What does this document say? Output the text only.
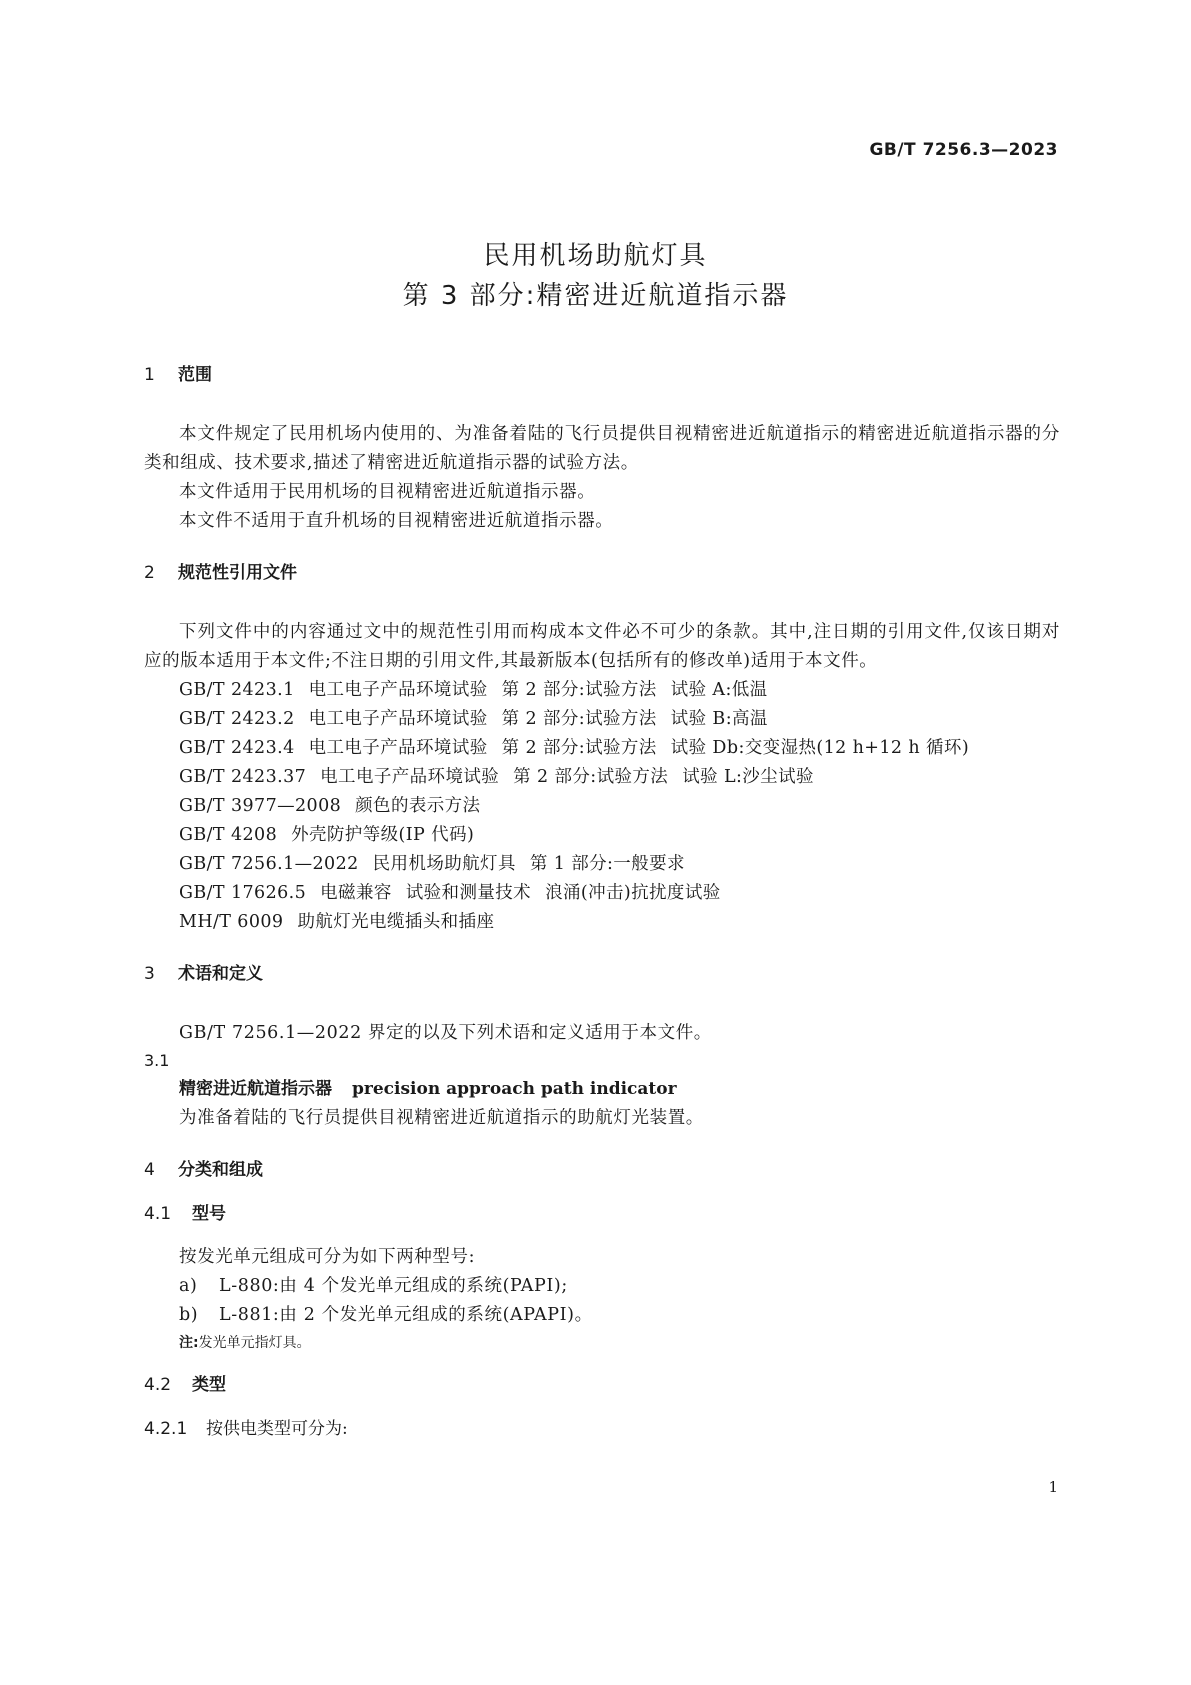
GB/T 7256.3—2023
民用机场助航灯具
第 3 部分:精密进近航道指示器
1 范围
本文件规定了民用机场内使用的、为准备着陆的飞行员提供目视精密进近航道指示的精密进近航道指示器的分类和组成、技术要求,描述了精密进近航道指示器的试验方法。
本文件适用于民用机场的目视精密进近航道指示器。
本文件不适用于直升机场的目视精密进近航道指示器。
2 规范性引用文件
下列文件中的内容通过文中的规范性引用而构成本文件必不可少的条款。其中,注日期的引用文件,仅该日期对应的版本适用于本文件;不注日期的引用文件,其最新版本(包括所有的修改单)适用于本文件。
GB/T 2423.1 电工电子产品环境试验 第 2 部分:试验方法 试验 A:低温
GB/T 2423.2 电工电子产品环境试验 第 2 部分:试验方法 试验 B:高温
GB/T 2423.4 电工电子产品环境试验 第 2 部分:试验方法 试验 Db:交变湿热(12 h+12 h 循环)
GB/T 2423.37 电工电子产品环境试验 第 2 部分:试验方法 试验 L:沙尘试验
GB/T 3977—2008 颜色的表示方法
GB/T 4208 外壳防护等级(IP 代码)
GB/T 7256.1—2022 民用机场助航灯具 第 1 部分:一般要求
GB/T 17626.5 电磁兼容 试验和测量技术 浪涌(冲击)抗扰度试验
MH/T 6009 助航灯光电缆插头和插座
3 术语和定义
GB/T 7256.1—2022 界定的以及下列术语和定义适用于本文件。
3.1
精密进近航道指示器 precision approach path indicator
为准备着陆的飞行员提供目视精密进近航道指示的助航灯光装置。
4 分类和组成
4.1 型号
按发光单元组成可分为如下两种型号:
a) L-880:由 4 个发光单元组成的系统(PAPI);
b) L-881:由 2 个发光单元组成的系统(APAPI)。
注:发光单元指灯具。
4.2 类型
4.2.1 按供电类型可分为:
1
